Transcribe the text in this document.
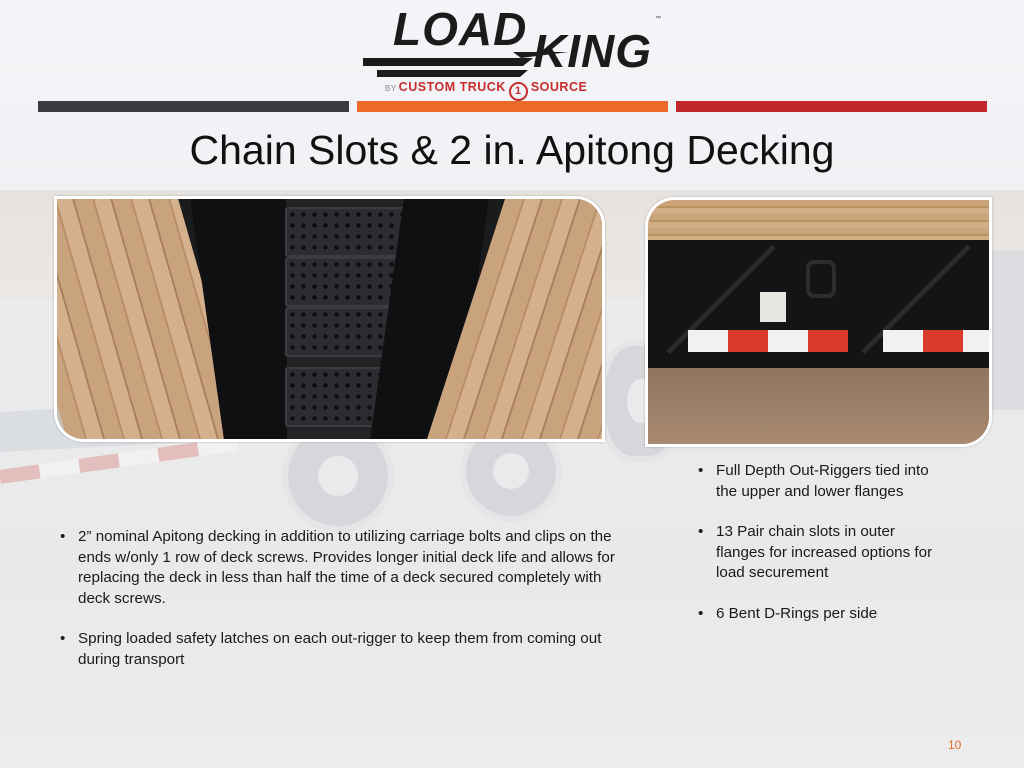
LOAD KING
™
BY CUSTOM TRUCK 1 SOURCE
Chain Slots & 2 in. Apitong Decking
• 2” nominal Apitong decking in addition to utilizing carriage bolts and clips on the ends w/only 1 row of deck screws. Provides longer initial deck life and allows for replacing the deck in less than half the time of a deck secured completely with deck screws.
• Spring loaded safety latches on each out-rigger to keep them from coming out during transport
• Full Depth Out-Riggers tied into the upper and lower flanges
• 13 Pair chain slots in outer flanges for increased options for load securement
• 6 Bent D-Rings per side
10
